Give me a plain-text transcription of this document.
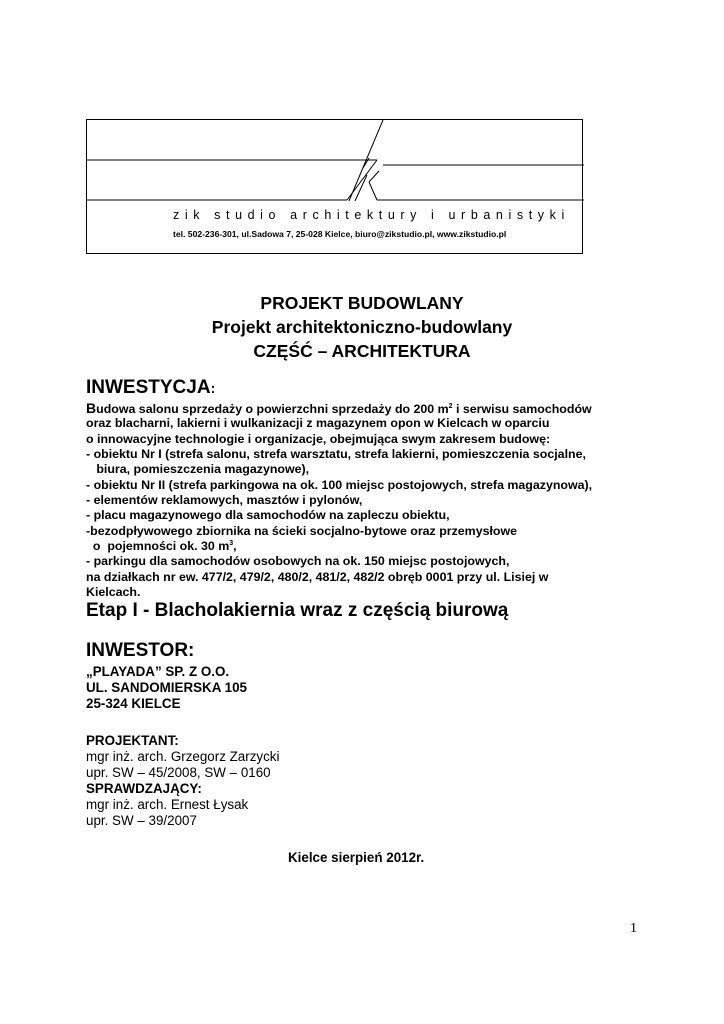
zik studio architektury i urbanistyki
tel. 502-236-301, ul.Sadowa 7, 25-028 Kielce, biuro@zikstudio.pl, www.zikstudio.pl
PROJEKT BUDOWLANY
Projekt architektoniczno-budowlany
CZĘŚĆ – ARCHITEKTURA
INWESTYCJA:
Budowa salonu sprzedaży o powierzchni sprzedaży do 200 $m^2$ i serwisu samochodów
oraz blacharni, lakierni i wulkanizacji z magazynem opon w Kielcach w oparciu
o innowacyjne technologie i organizacje, obejmująca swym zakresem budowę:
- obiektu Nr I (strefa salonu, strefa warsztatu, strefa lakierni, pomieszczenia socjalne,
biura, pomieszczenia magazynowe),
- obiektu Nr II (strefa parkingowa na ok. 100 miejsc postojowych, strefa magazynowa),
- elementów reklamowych, masztów i pylonów,
- placu magazynowego dla samochodów na zapleczu obiektu,
-bezodpływowego zbiornika na ścieki socjalno-bytowe oraz przemysłowe
o  pojemności ok. 30 $m^3$,
- parkingu dla samochodów osobowych na ok. 150 miejsc postojowych,
na działkach nr ew. 477/2, 479/2, 480/2, 481/2, 482/2 obręb 0001 przy ul. Lisiej w
Kielcach.
Etap I - Blacholakiernia wraz z częścią biurową
INWESTOR:
„PLAYADA” SP. Z O.O.
UL. SANDOMIERSKA 105
25-324 KIELCE
PROJEKTANT:
mgr inż. arch. Grzegorz Zarzycki
upr. SW – 45/2008, SW – 0160
SPRAWDZAJĄCY:
mgr inż. arch. Ernest Łysak
upr. SW – 39/2007
Kielce sierpień 2012r.
1
